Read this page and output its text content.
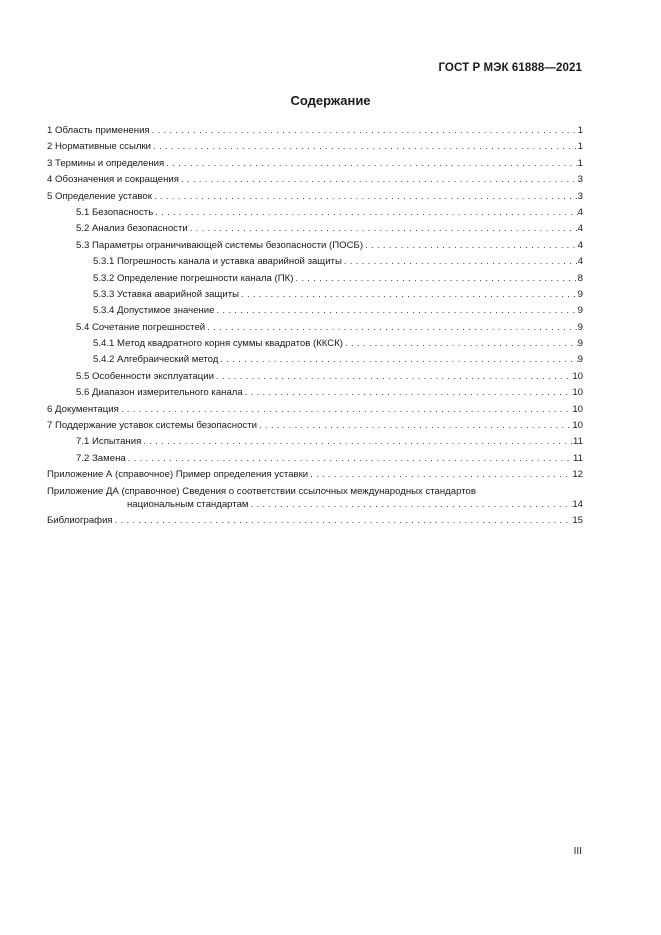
ГОСТ Р МЭК 61888—2021
Содержание
1 Область применения . . .	1
2 Нормативные ссылки . . .	1
3 Термины и определения . . .	1
4 Обозначения и сокращения . . .	3
5 Определение уставок . . .	3
5.1 Безопасность . . .	4
5.2 Анализ безопасности . . .	4
5.3 Параметры ограничивающей системы безопасности (ПОСБ) . . .	4
5.3.1 Погрешность канала и уставка аварийной защиты . . .	4
5.3.2 Определение погрешности канала (ПК) . . .	8
5.3.3 Уставка аварийной защиты . . .	9
5.3.4 Допустимое значение . . .	9
5.4 Сочетание погрешностей . . .	9
5.4.1 Метод квадратного корня суммы квадратов (ККСК) . . .	9
5.4.2 Алгебраический метод . . .	9
5.5 Особенности эксплуатации . . .	10
5.6 Диапазон измерительного канала . . .	10
6 Документация . . .	10
7 Поддержание уставок системы безопасности . . .	10
7.1 Испытания . . .	11
7.2 Замена . . .	11
Приложение А (справочное) Пример определения уставки . . .	12
Приложение ДА (справочное) Сведения о соответствии ссылочных международных стандартов
национальным стандартам . . .	14
Библиография . . .	15
III
